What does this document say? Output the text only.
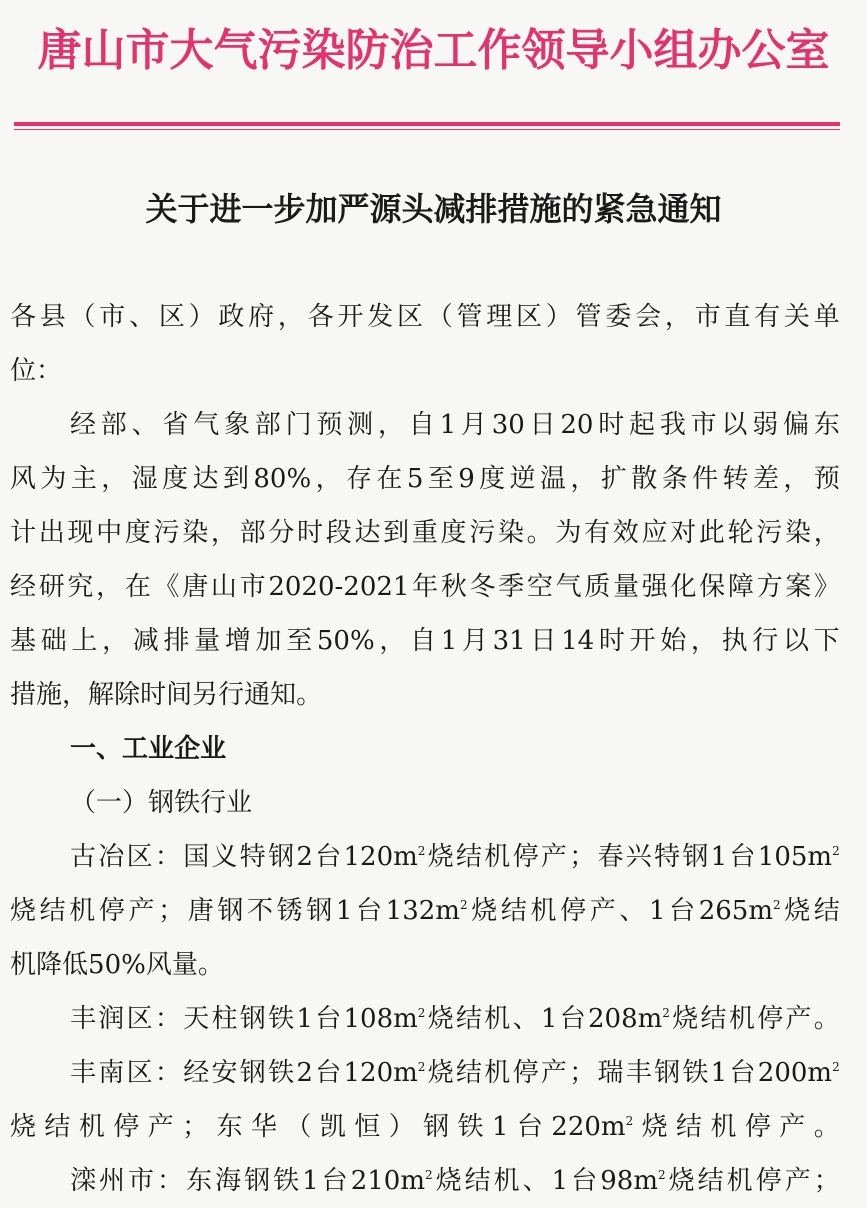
唐山市大气污染防治工作领导小组办公室
关于进一步加严源头减排措施的紧急通知
各 县 （ 市 、 区 ） 政 府 ， 各 开 发 区 （ 管 理 区 ） 管 委 会 ， 市 直 有 关 单
位 ：
经 部 、 省 气 象 部 门 预 测 ， 自 1 月 30 日 20 时 起 我 市 以 弱 偏 东
风 为 主 ， 湿 度 达 到 80% ， 存 在 5 至 9 度 逆 温 ， 扩 散 条 件 转 差 ， 预
计 出 现 中 度 污 染 ， 部 分 时 段 达 到 重 度 污 染 。 为 有 效 应 对 此 轮 污 染 ，
经 研 究 ， 在 《 唐 山 市 2020-2021 年 秋 冬 季 空 气 质 量 强 化 保 障 方 案 》
基 础 上 ， 减 排 量 增 加 至 50% ， 自 1 月 31 日 14 时 开 始 ， 执 行 以 下
措 施 ， 解 除 时 间 另 行 通 知 。
一 、 工 业 企 业
（ 一 ） 钢 铁 行 业
古 冶 区 ： 国 义 特 钢 2 台 $120m^2$ 烧 结 机 停 产 ； 春 兴 特 钢 1 台 $105m^2$
烧 结 机 停 产 ； 唐 钢 不 锈 钢 1 台 $132m^2$ 烧 结 机 停 产 、 1 台 $265m^2$ 烧 结
机 降 低 50% 风 量 。
丰 润 区 ： 天 柱 钢 铁 1 台 $108m^2$ 烧 结 机 、 1 台 $208m^2$ 烧 结 机 停 产 。
丰 南 区 ： 经 安 钢 铁 2 台 $120m^2$ 烧 结 机 停 产 ； 瑞 丰 钢 铁 1 台 $200m^2$
烧 结 机 停 产 ； 东 华 （ 凯 恒 ） 钢 铁 1 台 $220m^2$ 烧 结 机 停 产 。
滦 州 市 ： 东 海 钢 铁 1 台 $210m^2$ 烧 结 机 、 1 台 $98m^2$ 烧 结 机 停 产 ；
